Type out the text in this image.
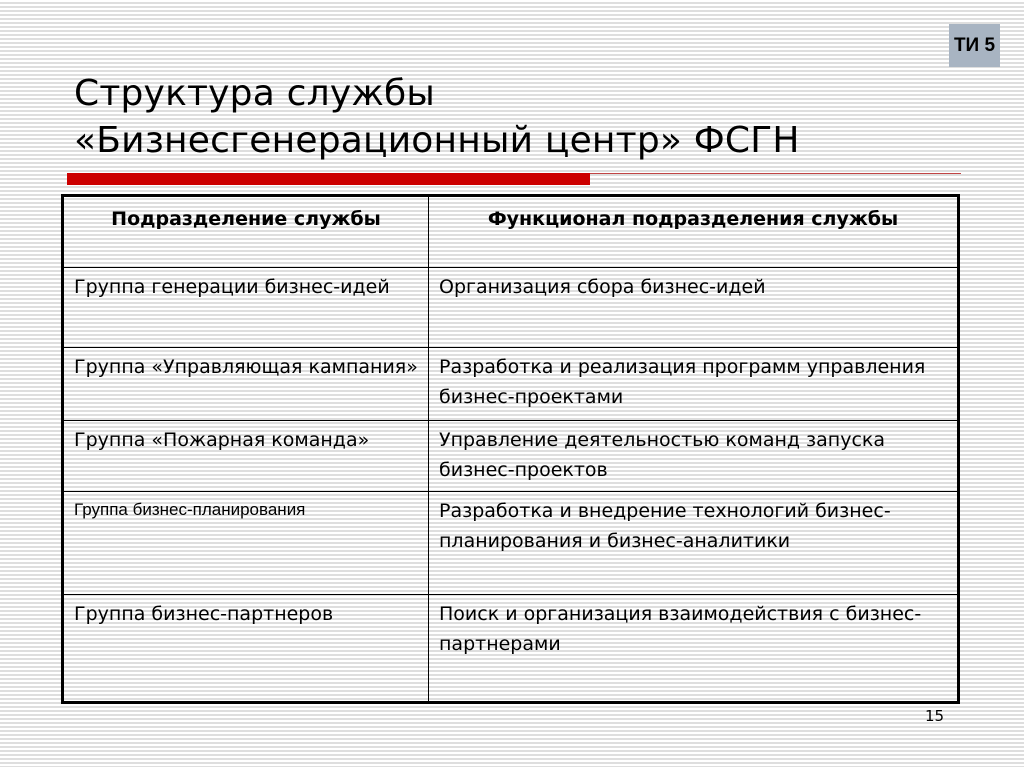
ТИ 5
Структура службы
«Бизнесгенерационный центр» ФСГН
Подразделение службы	Функционал подразделения службы
Группа генерации бизнес-идей	Организация сбора бизнес-идей
Группа «Управляющая кампания»	Разработка и реализация программ управления бизнес-проектами
Группа «Пожарная команда»	Управление деятельностью команд запуска бизнес-проектов
Группа бизнес-планирования	Разработка и внедрение технологий бизнес-планирования и бизнес-аналитики
Группа бизнес-партнеров	Поиск и организация взаимодействия с бизнес-партнерами
15
